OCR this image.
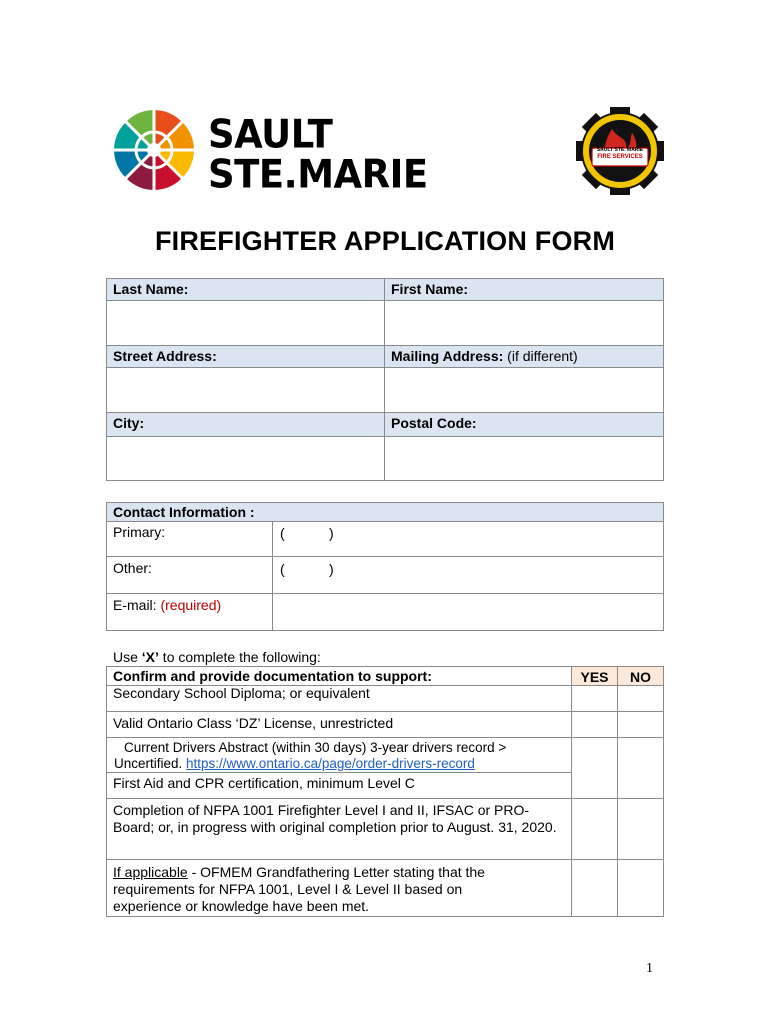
SAULT
STE.MARIE
SAULT STE. MARIE
FIRE SERVICES
FIREFIGHTER APPLICATION FORM
Last Name:	First Name:
Street Address:	Mailing Address: (if different)
City:	Postal Code:
Contact Information :
Primary:	(	)
Other:	(	)
E-mail: (required)
Use ‘X’ to complete the following:
Confirm and provide documentation to support:	YES	NO
Secondary School Diploma; or equivalent
Valid Ontario Class ‘DZ’ License, unrestricted
Current Drivers Abstract (within 30 days) 3-year drivers record >
Uncertified. https://www.ontario.ca/page/order-drivers-record
First Aid and CPR certification, minimum Level C
Completion of NFPA 1001 Firefighter Level I and II, IFSAC or PRO-Board; or, in progress with original completion prior to August. 31, 2020.
If applicable - OFMEM Grandfathering Letter stating that the requirements for NFPA 1001, Level I & Level II based on experience or knowledge have been met.
1
